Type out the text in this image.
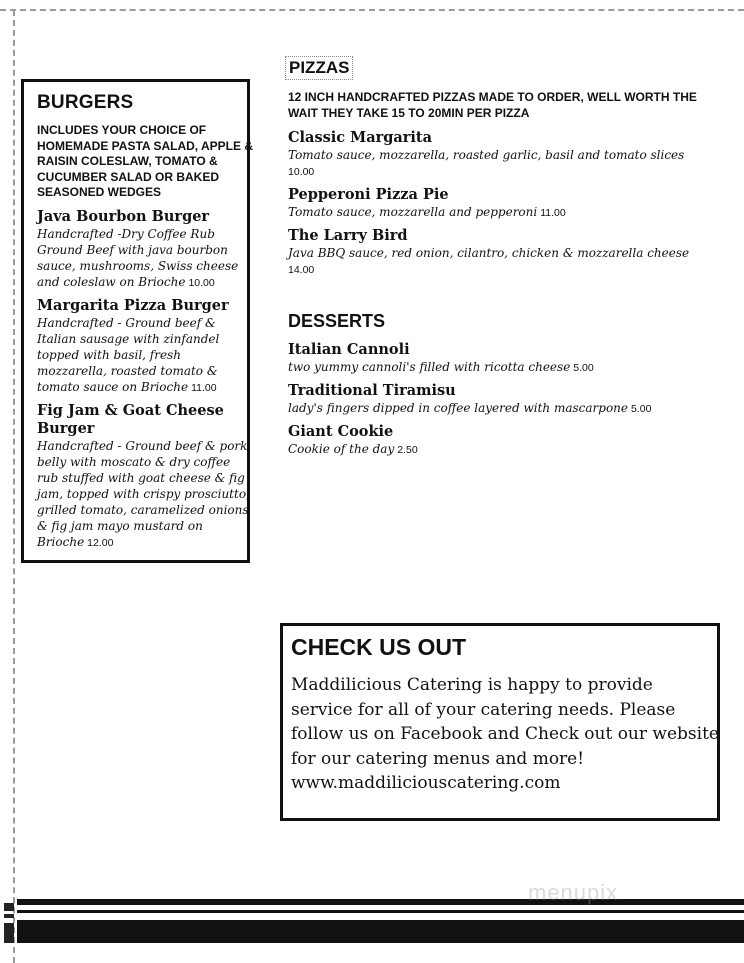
BURGERS
INCLUDES YOUR CHOICE OF HOMEMADE PASTA SALAD, APPLE & RAISIN COLESLAW, TOMATO & CUCUMBER SALAD OR BAKED SEASONED WEDGES
Java Bourbon Burger
Handcrafted -Dry Coffee Rub Ground Beef with java bourbon sauce, mushrooms, Swiss cheese and coleslaw on Brioche 10.00
Margarita Pizza Burger
Handcrafted - Ground beef & Italian sausage with zinfandel topped with basil, fresh mozzarella, roasted tomato & tomato sauce on Brioche 11.00
Fig Jam & Goat Cheese Burger
Handcrafted - Ground beef & pork belly with moscato & dry coffee rub stuffed with goat cheese & fig jam, topped with crispy prosciutto, grilled tomato, caramelized onions & fig jam mayo mustard on Brioche 12.00
PIZZAS
12 INCH HANDCRAFTED PIZZAS MADE TO ORDER, WELL WORTH THE WAIT THEY TAKE 15 TO 20MIN PER PIZZA
Classic Margarita
Tomato sauce, mozzarella, roasted garlic, basil and tomato slices
10.00
Pepperoni Pizza Pie
Tomato sauce, mozzarella and pepperoni 11.00
The Larry Bird
Java BBQ sauce, red onion, cilantro, chicken & mozzarella cheese
14.00
DESSERTS
Italian Cannoli
two yummy cannoli's filled with ricotta cheese 5.00
Traditional Tiramisu
lady's fingers dipped in coffee layered with mascarpone 5.00
Giant Cookie
Cookie of the day 2.50
CHECK US OUT

Maddilicious Catering is happy to provide service for all of your catering needs. Please follow us on Facebook and Check out our website for our catering menus and more!
www.maddiliciouscatering.com

menupix
